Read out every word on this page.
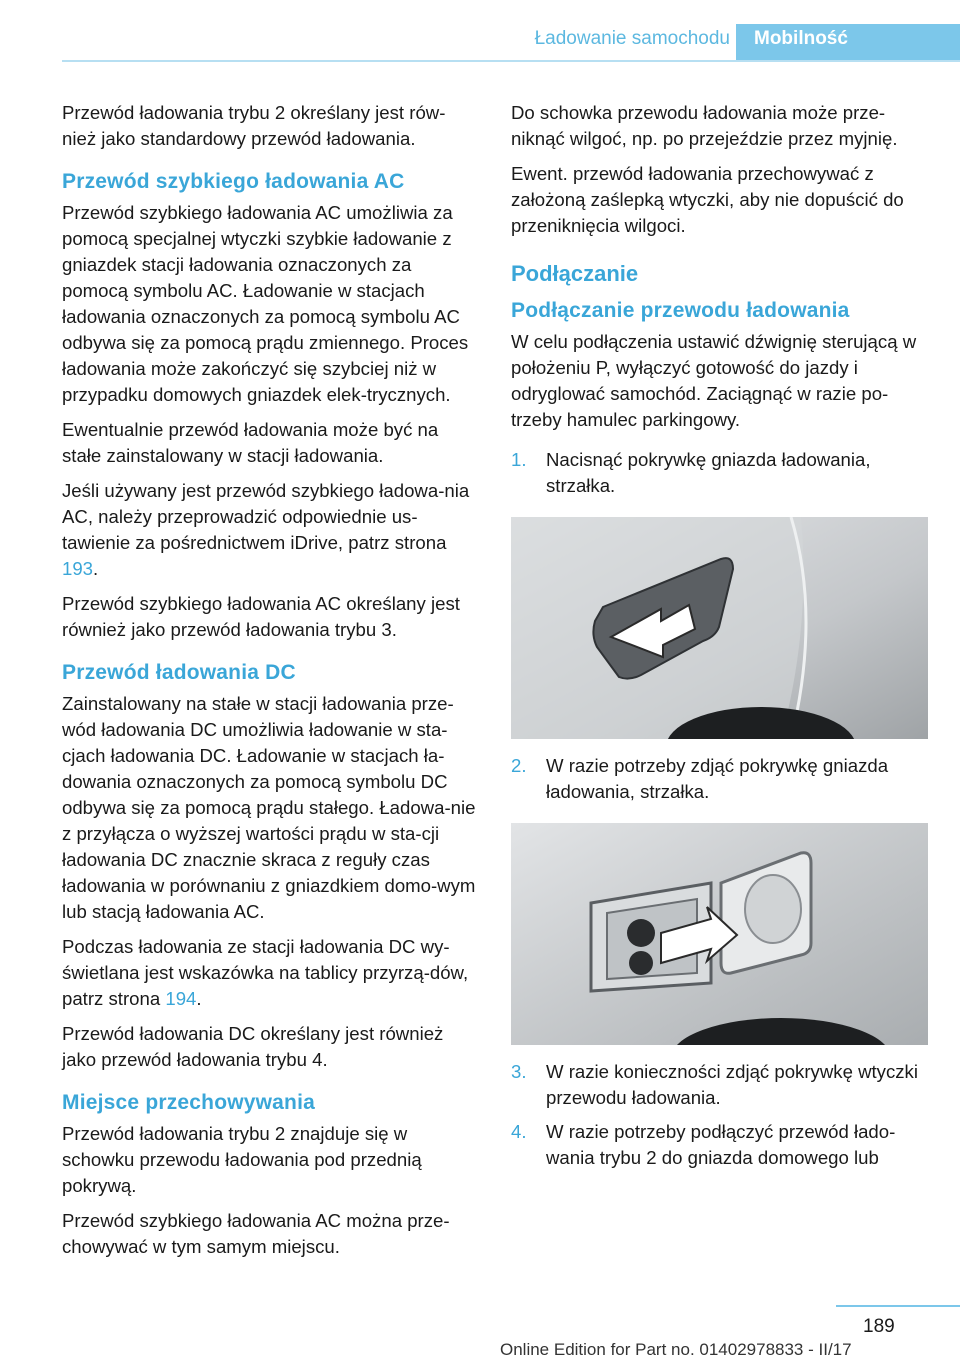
Ładowanie samochodu	Mobilność

Przewód ładowania trybu 2 określany jest rów‐nież jako standardowy przewód ładowania.

Przewód szybkiego ładowania AC

Przewód szybkiego ładowania AC umożliwia za pomocą specjalnej wtyczki szybkie ładowanie z gniazdek stacji ładowania oznaczonych za pomocą symbolu AC. Ładowanie w stacjach ładowania oznaczonych za pomocą symbolu AC odbywa się za pomocą prądu zmiennego. Proces ładowania może zakończyć się szybciej niż w przypadku domowych gniazdek elek‐trycznych.

Ewentualnie przewód ładowania może być na stałe zainstalowany w stacji ładowania.

Jeśli używany jest przewód szybkiego ładowa‐nia AC, należy przeprowadzić odpowiednie us‐tawienie za pośrednictwem iDrive, patrz strona 193.

Przewód szybkiego ładowania AC określany jest również jako przewód ładowania trybu 3.

Przewód ładowania DC

Zainstalowany na stałe w stacji ładowania prze‐wód ładowania DC umożliwia ładowanie w sta‐cjach ładowania DC. Ładowanie w stacjach ła‐dowania oznaczonych za pomocą symbolu DC odbywa się za pomocą prądu stałego. Ładowa‐nie z przyłącza o wyższej wartości prądu w sta‐cji ładowania DC znacznie skraca z reguły czas ładowania w porównaniu z gniazdkiem domo‐wym lub stacją ładowania AC.

Podczas ładowania ze stacji ładowania DC wy‐świetlana jest wskazówka na tablicy przyrzą‐dów, patrz strona 194.

Przewód ładowania DC określany jest również jako przewód ładowania trybu 4.

Miejsce przechowywania

Przewód ładowania trybu 2 znajduje się w schowku przewodu ładowania pod przednią pokrywą.

Przewód szybkiego ładowania AC można prze‐chowywać w tym samym miejscu.

Do schowka przewodu ładowania może prze‐niknąć wilgoć, np. po przejeździe przez myjnię.

Ewent. przewód ładowania przechowywać z założoną zaślepką wtyczki, aby nie dopuścić do przeniknięcia wilgoci.

Podłączanie
Podłączanie przewodu ładowania

W celu podłączenia ustawić dźwignię sterującą w położeniu P, wyłączyć gotowość do jazdy i odryglować samochód. Zaciągnąć w razie po‐trzeby hamulec parkingowy.

1.	Nacisnąć pokrywkę gniazda ładowania, strzałka.
2.	W razie potrzeby zdjąć pokrywkę gniazda ładowania, strzałka.
3.	W razie konieczności zdjąć pokrywkę wtyczki przewodu ładowania.
4.	W razie potrzeby podłączyć przewód łado‐wania trybu 2 do gniazda domowego lub
189
Online Edition for Part no. 01402978833 - II/17
